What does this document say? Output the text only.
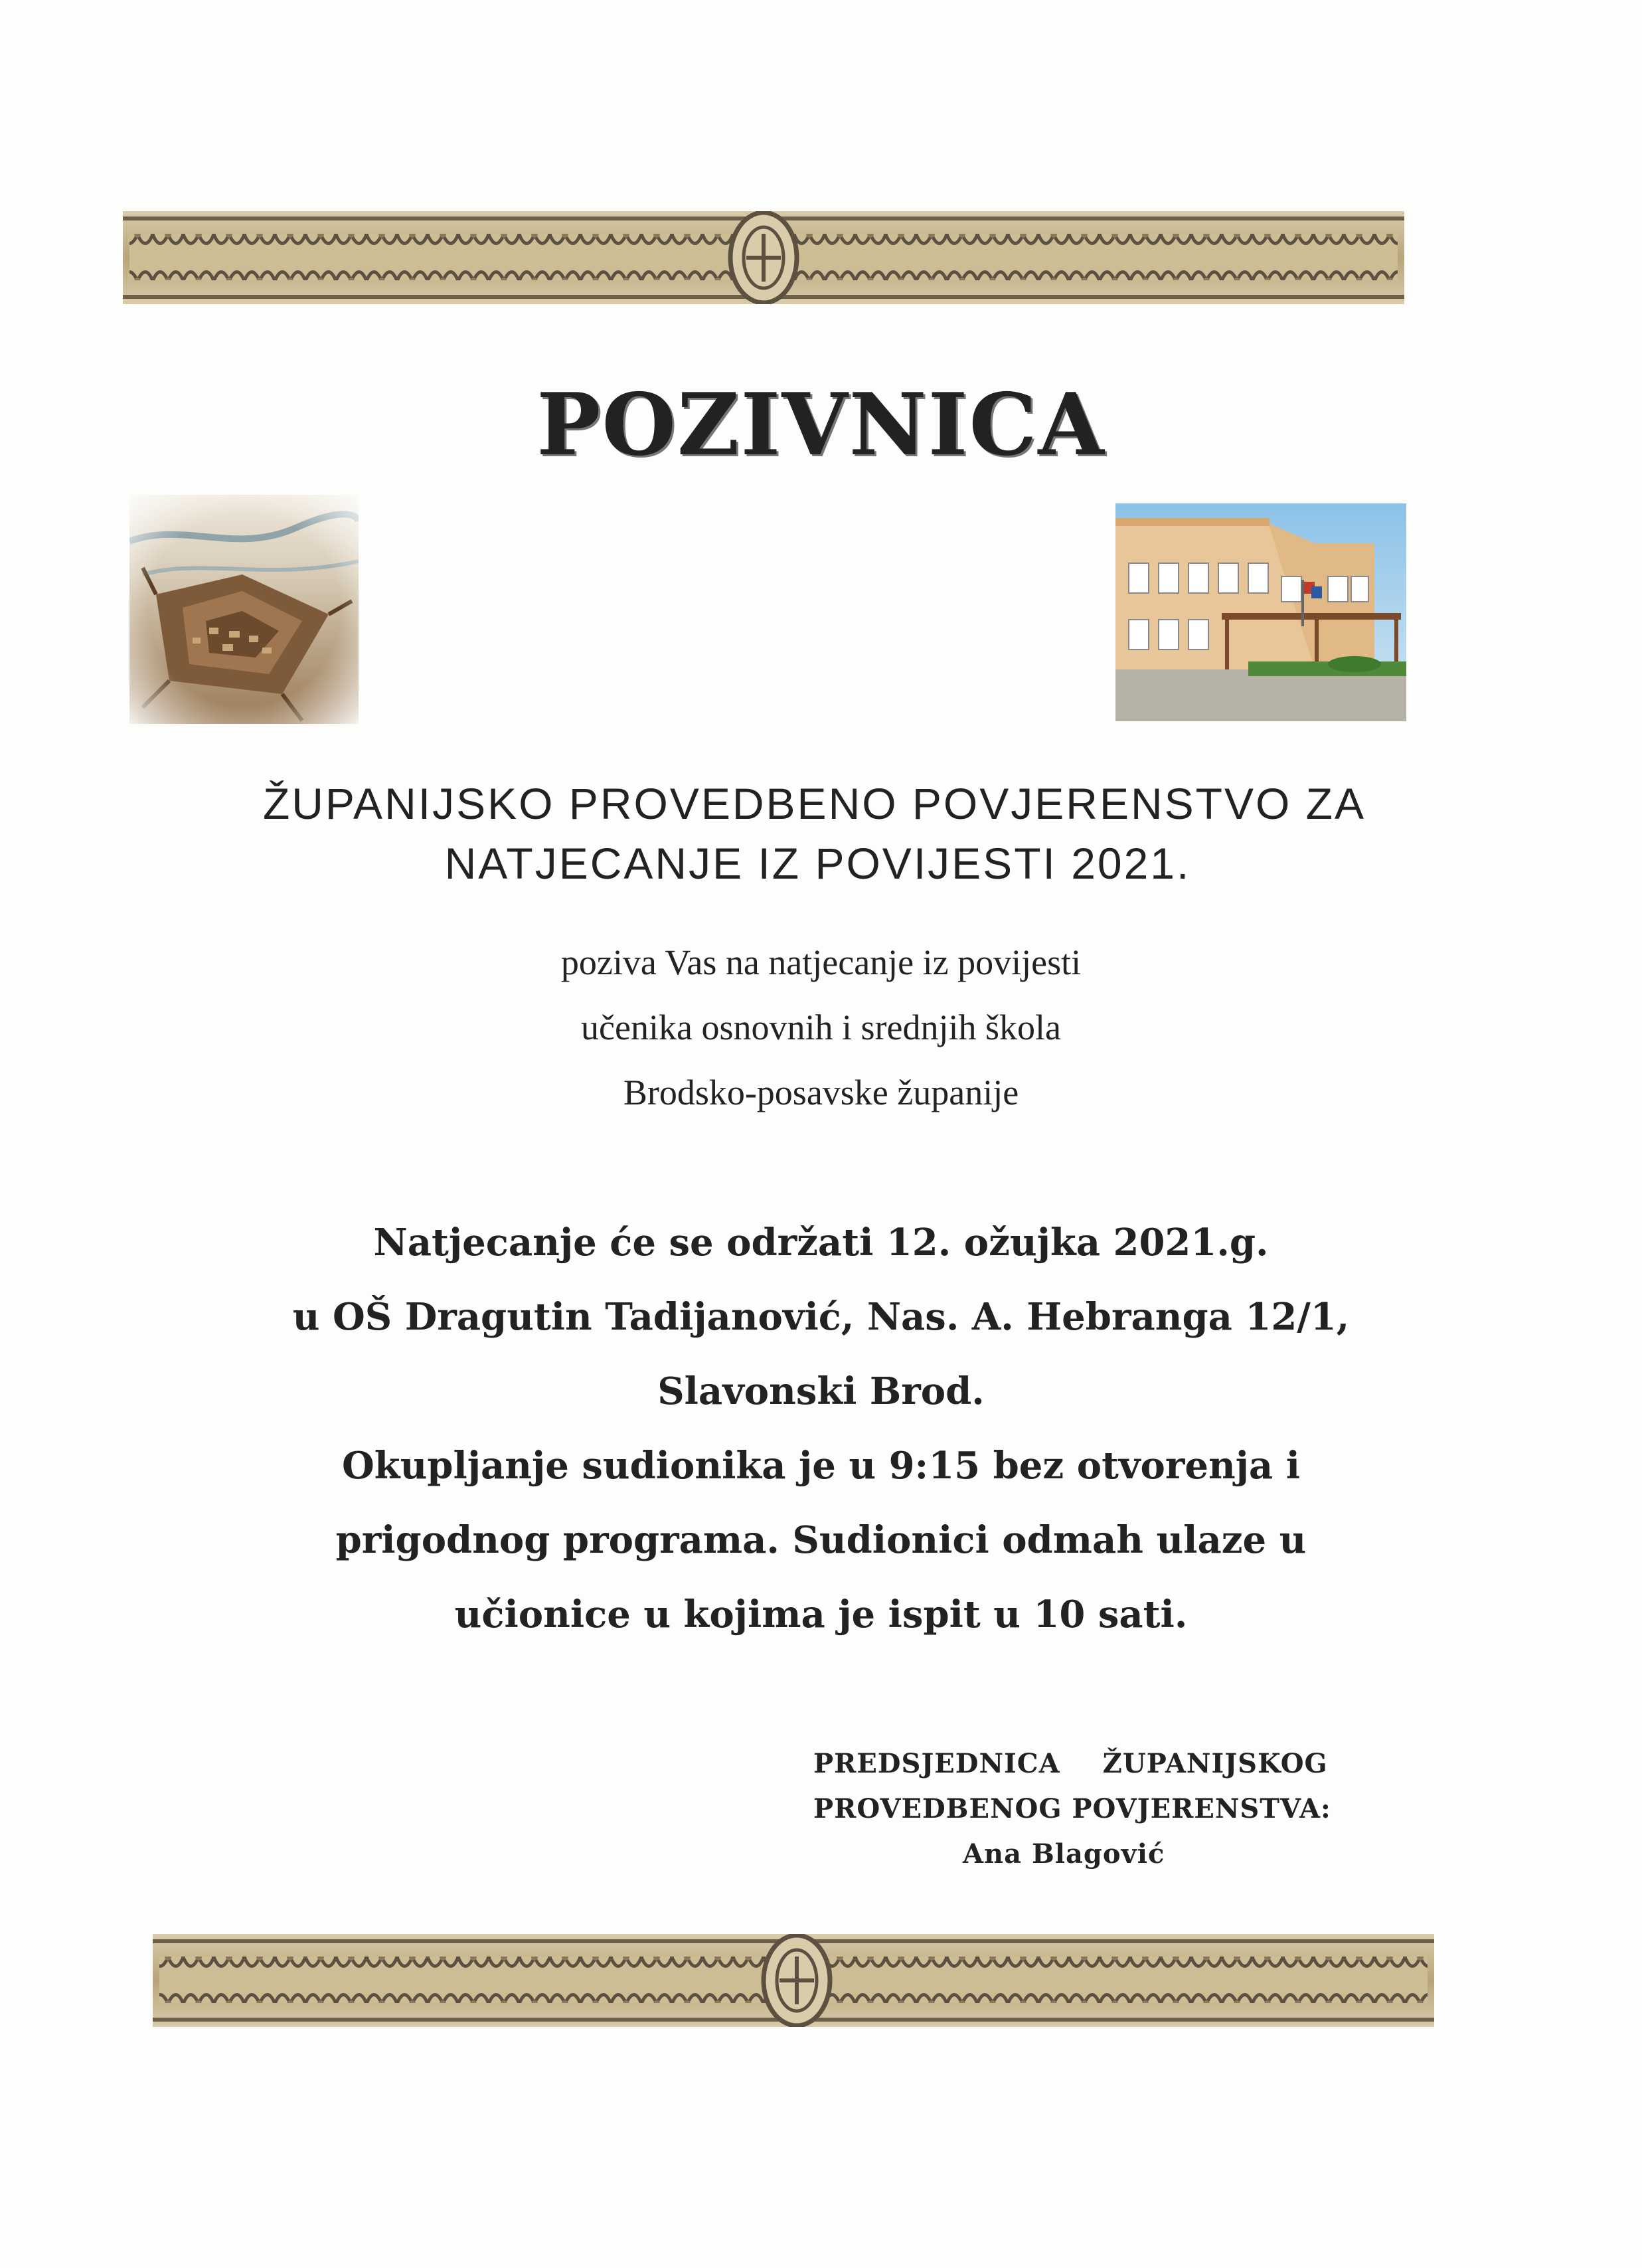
POZIVNICA
ŽUPANIJSKO PROVEDBENO POVJERENSTVO ZA
NATJECANJE IZ POVIJESTI 2021.
poziva Vas na natjecanje iz povijesti
učenika osnovnih i srednjih škola
Brodsko-posavske županije
Natjecanje će se održati 12. ožujka 2021.g.
u OŠ Dragutin Tadijanović, Nas. A. Hebranga 12/1,
Slavonski Brod.
Okupljanje sudionika je u 9:15 bez otvorenja i
prigodnog programa. Sudionici odmah ulaze u
učionice u kojima je ispit u 10 sati.
PREDSJEDNICA ŽUPANIJSKOG
PROVEDBENOG POVJERENSTVA:
Ana Blagović
